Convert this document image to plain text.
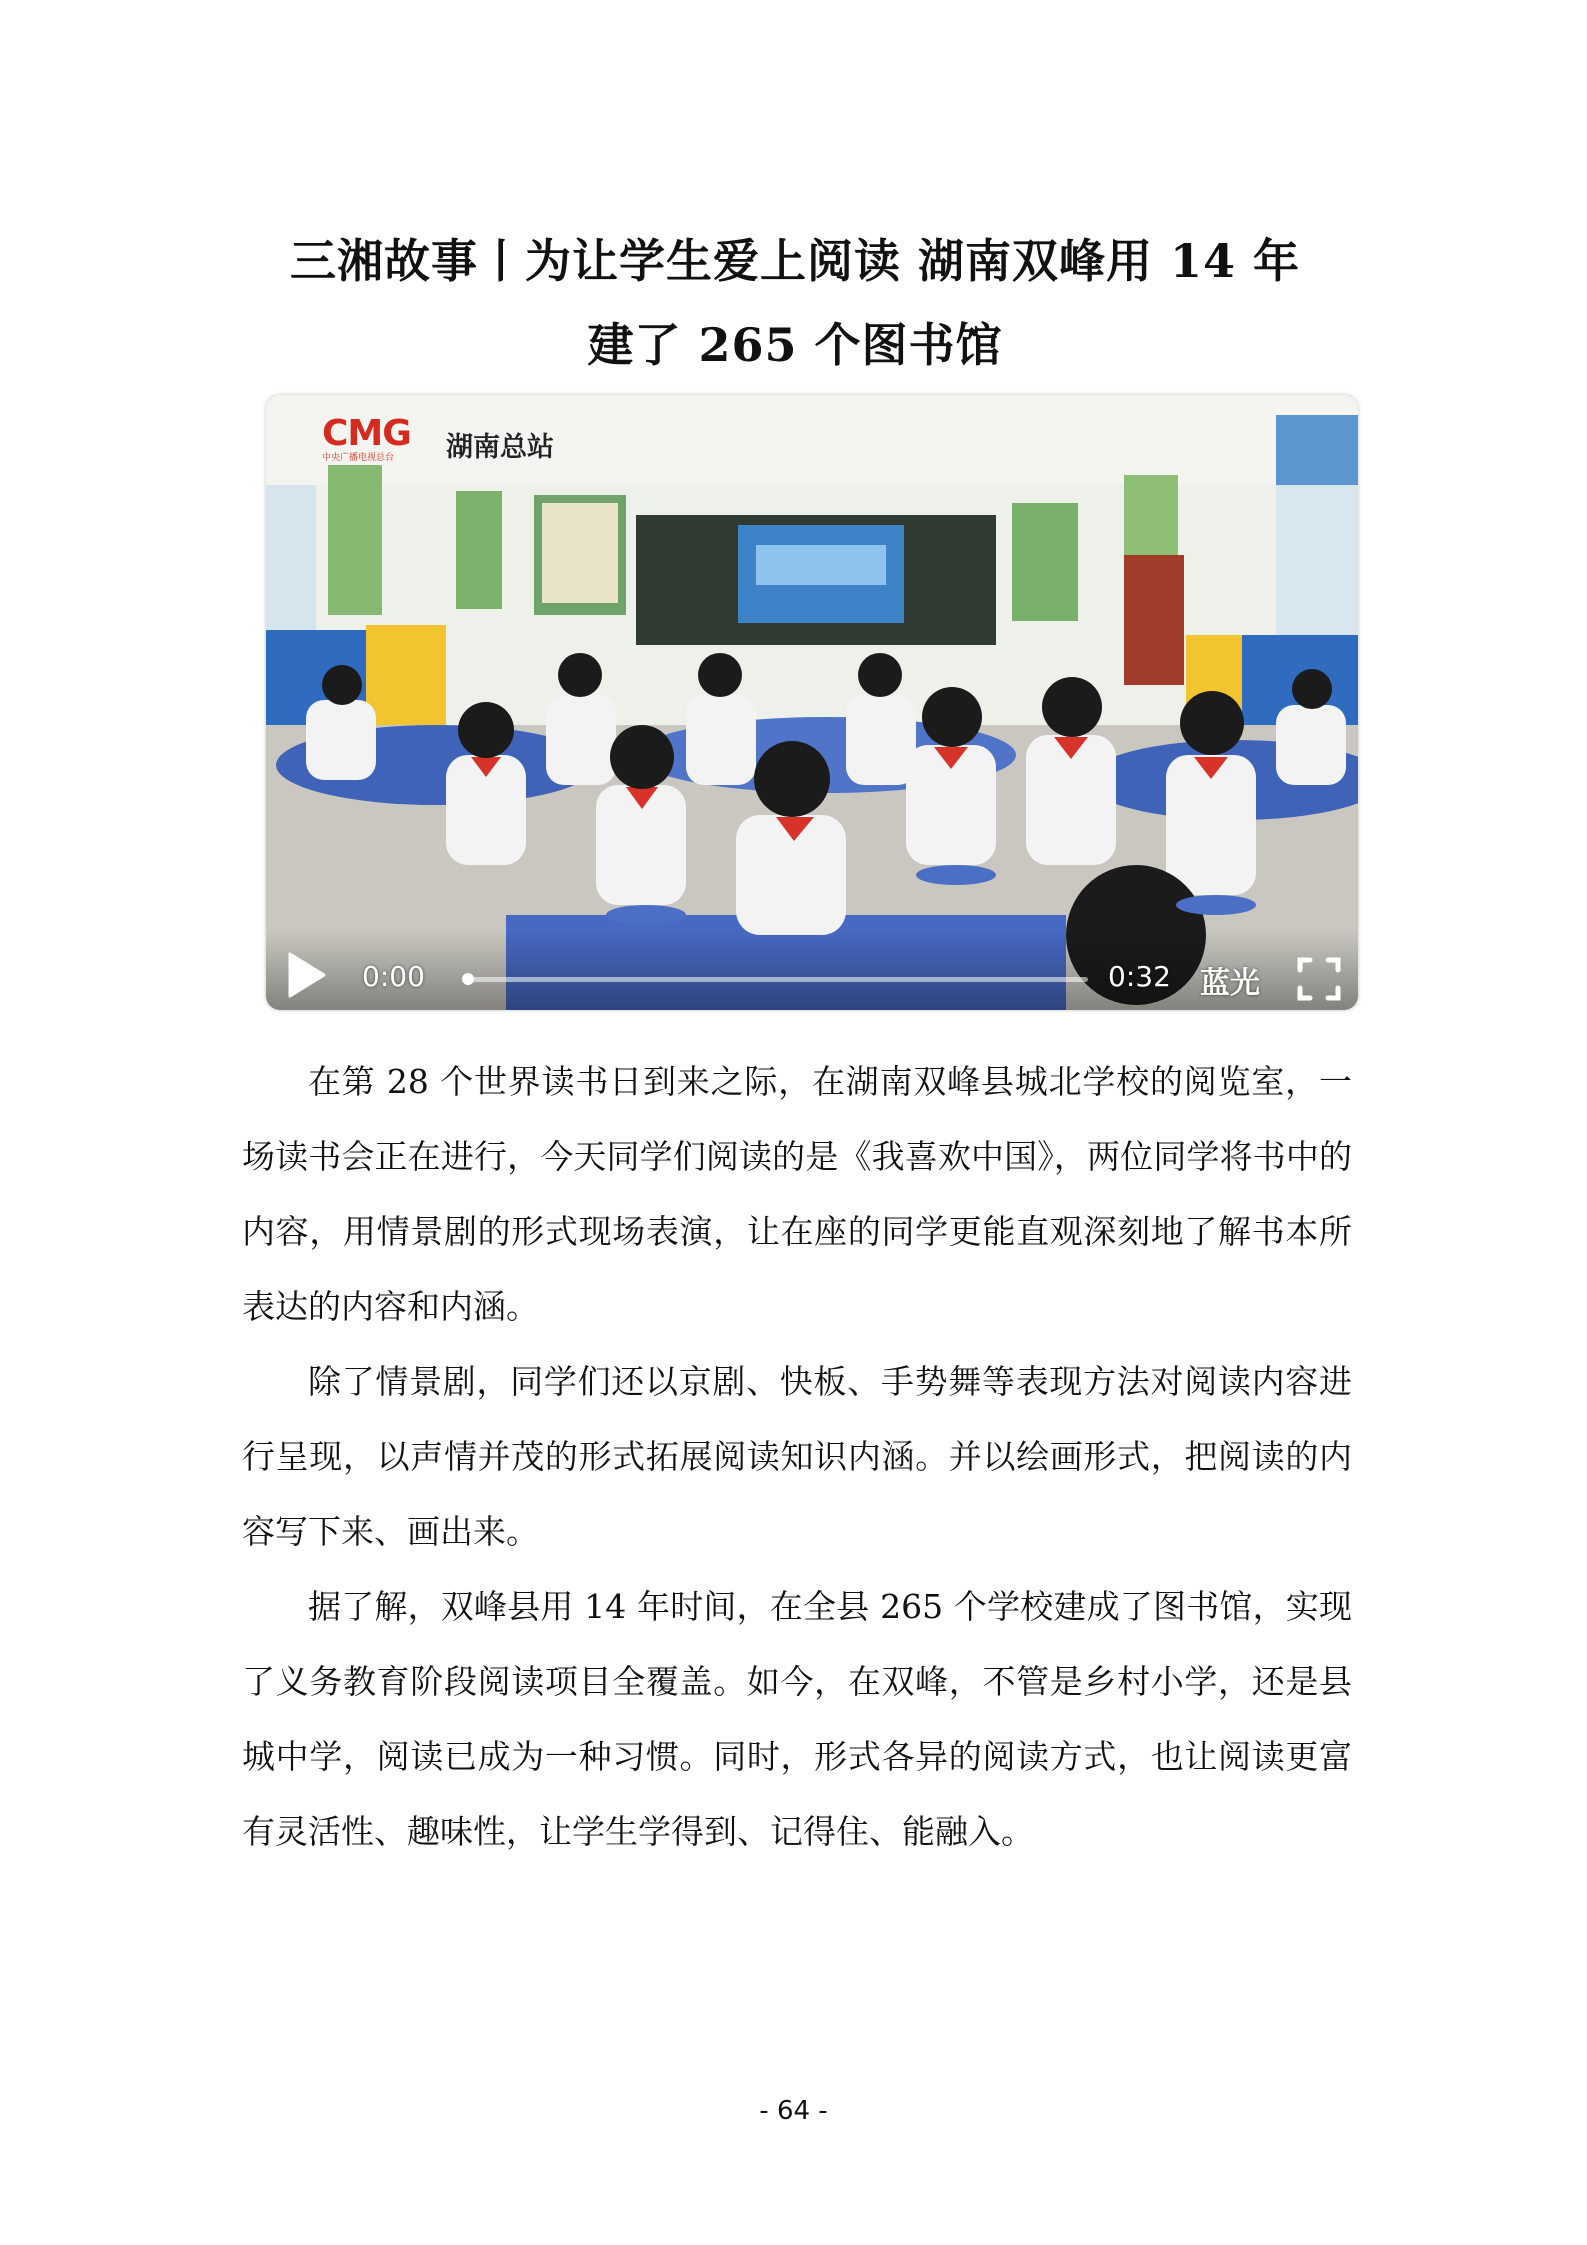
三湘故事丨为让学生爱上阅读 湖南双峰用 14 年
建了 265 个图书馆
CMG
中央广播电视总台	湖南总站
0:00	0:32 蓝光

在第 28 个世界读书日到来之际，在湖南双峰县城北学校的阅览室，一场读书会正在进行，今天同学们阅读的是《我喜欢中国》，两位同学将书中的内容，用情景剧的形式现场表演，让在座的同学更能直观深刻地了解书本所表达的内容和内涵。

除了情景剧，同学们还以京剧、快板、手势舞等表现方法对阅读内容进行呈现，以声情并茂的形式拓展阅读知识内涵。并以绘画形式，把阅读的内容写下来、画出来。

据了解，双峰县用 14 年时间，在全县 265 个学校建成了图书馆，实现了义务教育阶段阅读项目全覆盖。如今，在双峰，不管是乡村小学，还是县城中学，阅读已成为一种习惯。同时，形式各异的阅读方式，也让阅读更富有灵活性、趣味性，让学生学得到、记得住、能融入。

- 64 -
